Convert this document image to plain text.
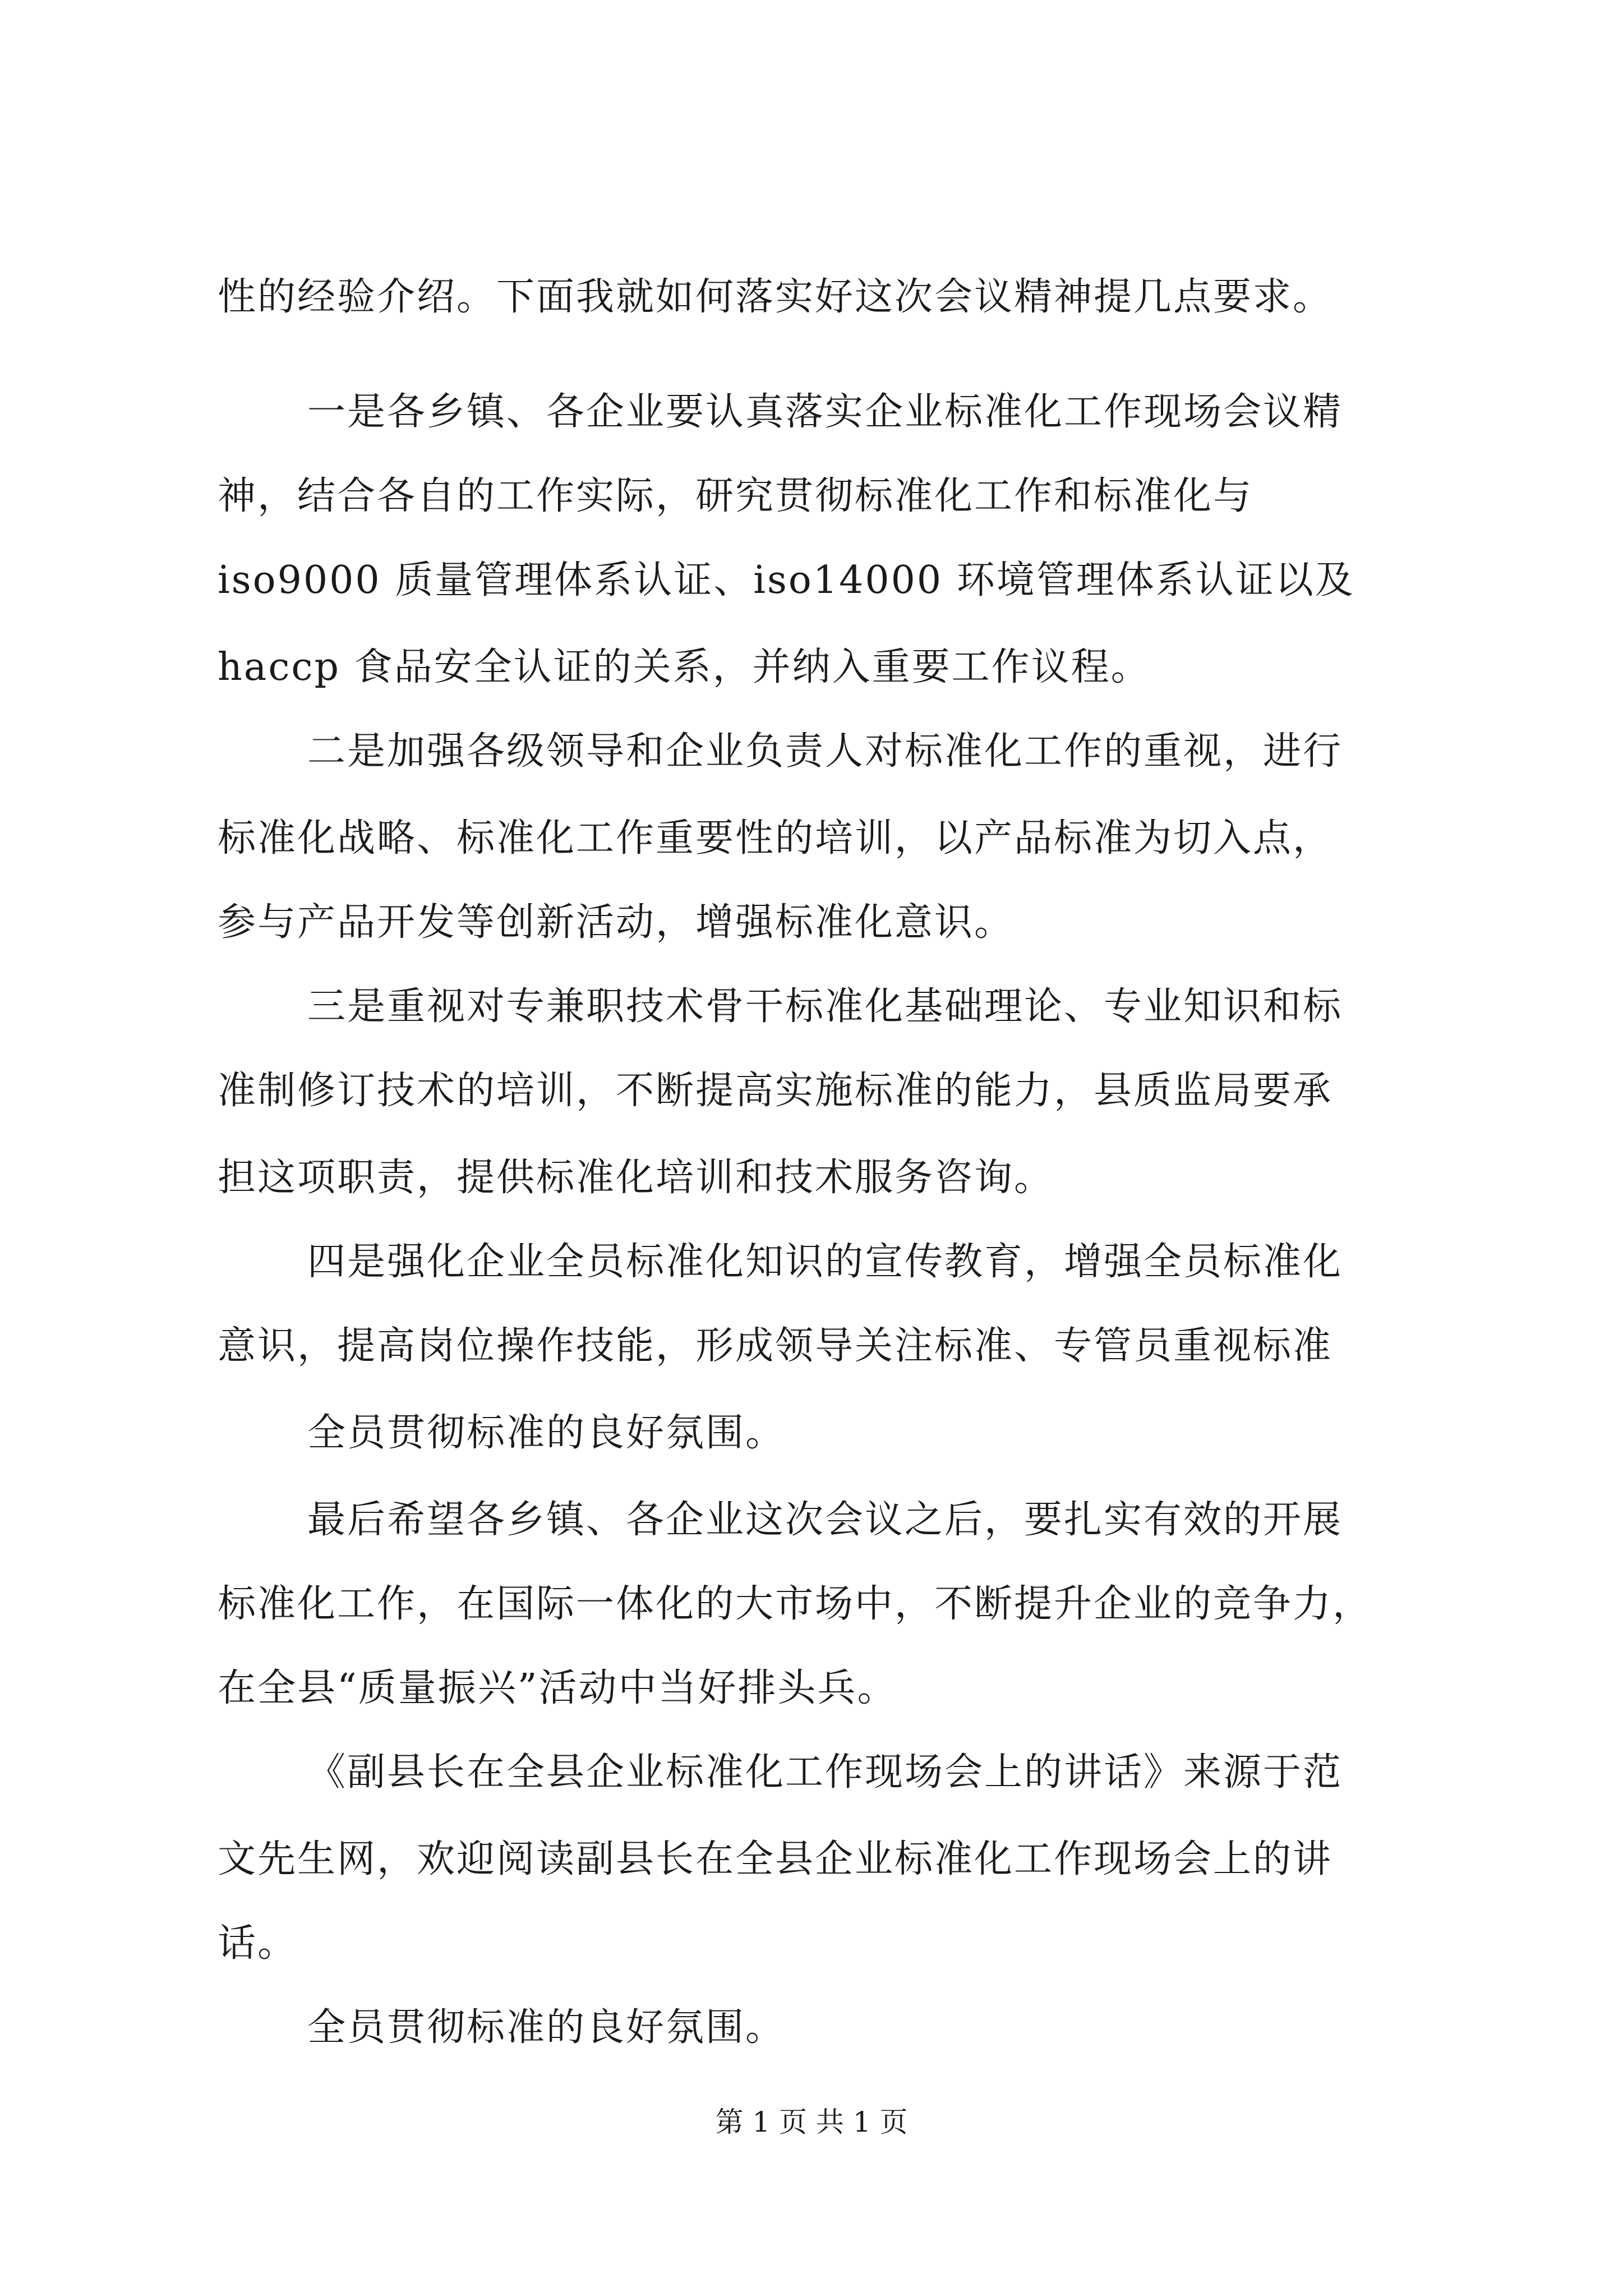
性的经验介绍。下面我就如何落实好这次会议精神提几点要求。
一是各乡镇、各企业要认真落实企业标准化工作现场会议精
神，结合各自的工作实际，研究贯彻标准化工作和标准化与
iso9000 质量管理体系认证、iso14000 环境管理体系认证以及
haccp 食品安全认证的关系，并纳入重要工作议程。
二是加强各级领导和企业负责人对标准化工作的重视，进行
标准化战略、标准化工作重要性的培训，以产品标准为切入点，
参与产品开发等创新活动，增强标准化意识。
三是重视对专兼职技术骨干标准化基础理论、专业知识和标
准制修订技术的培训，不断提高实施标准的能力，县质监局要承
担这项职责，提供标准化培训和技术服务咨询。
四是强化企业全员标准化知识的宣传教育，增强全员标准化
意识，提高岗位操作技能，形成领导关注标准、专管员重视标准
全员贯彻标准的良好氛围。
最后希望各乡镇、各企业这次会议之后，要扎实有效的开展
标准化工作，在国际一体化的大市场中，不断提升企业的竞争力，
在全县“质量振兴”活动中当好排头兵。
《副县长在全县企业标准化工作现场会上的讲话》来源于范
文先生网，欢迎阅读副县长在全县企业标准化工作现场会上的讲
话。
全员贯彻标准的良好氛围。
第 1 页 共 1 页
